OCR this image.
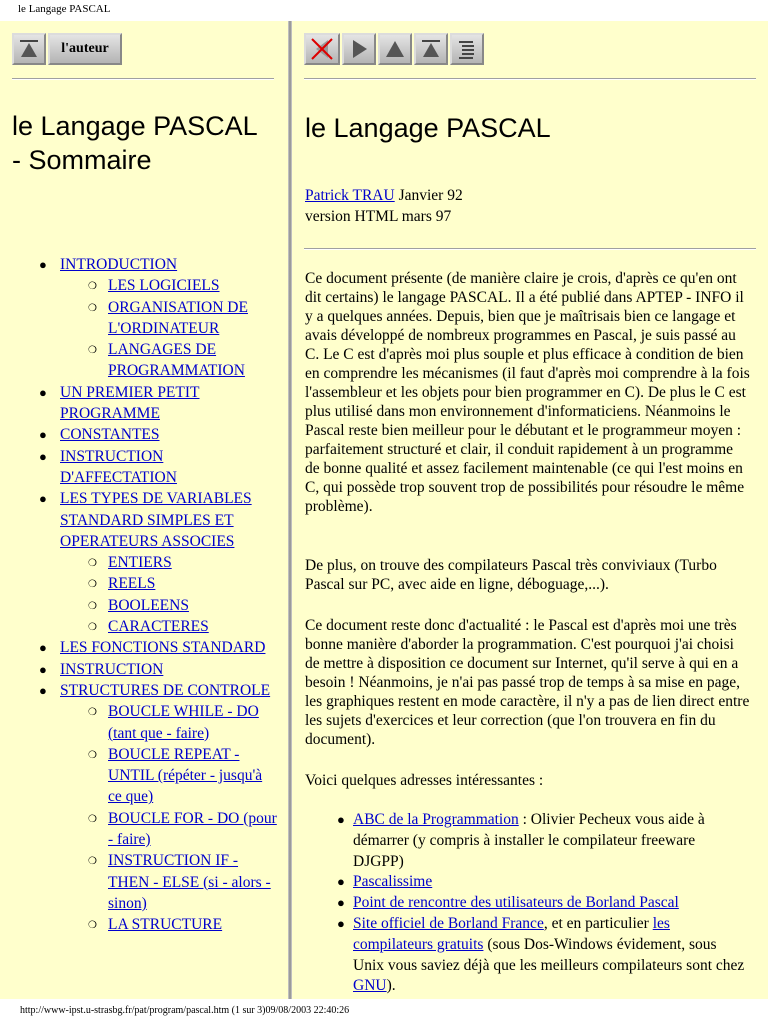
le Langage PASCAL
l'auteur
le Langage PASCAL - Sommaire
● INTRODUCTION
❍ LES LOGICIELS
❍ ORGANISATION DE L'ORDINATEUR
❍ LANGAGES DE PROGRAMMATION
● UN PREMIER PETIT PROGRAMME
● CONSTANTES
● INSTRUCTION D'AFFECTATION
● LES TYPES DE VARIABLES STANDARD SIMPLES ET OPERATEURS ASSOCIES
❍ ENTIERS
❍ REELS
❍ BOOLEENS
❍ CARACTERES
● LES FONCTIONS STANDARD
● INSTRUCTION
● STRUCTURES DE CONTROLE
❍ BOUCLE WHILE - DO (tant que - faire)
❍ BOUCLE REPEAT - UNTIL (répéter - jusqu'à ce que)
❍ BOUCLE FOR - DO (pour - faire)
❍ INSTRUCTION IF - THEN - ELSE (si - alors - sinon)
❍ LA STRUCTURE
le Langage PASCAL
Patrick TRAU Janvier 92
version HTML mars 97

Ce document présente (de manière claire je crois, d'après ce qu'en ont dit certains) le langage PASCAL. Il a été publié dans APTEP - INFO il y a quelques années. Depuis, bien que je maîtrisais bien ce langage et avais développé de nombreux programmes en Pascal, je suis passé au C. Le C est d'après moi plus souple et plus efficace à condition de bien en comprendre les mécanismes (il faut d'après moi comprendre à la fois l'assembleur et les objets pour bien programmer en C). De plus le C est plus utilisé dans mon environnement d'informaticiens. Néanmoins le Pascal reste bien meilleur pour le débutant et le programmeur moyen : parfaitement structuré et clair, il conduit rapidement à un programme de bonne qualité et assez facilement maintenable (ce qui l'est moins en C, qui possède trop souvent trop de possibilités pour résoudre le même problème).

De plus, on trouve des compilateurs Pascal très conviviaux (Turbo Pascal sur PC, avec aide en ligne, déboguage,...).

Ce document reste donc d'actualité : le Pascal est d'après moi une très bonne manière d'aborder la programmation. C'est pourquoi j'ai choisi de mettre à disposition ce document sur Internet, qu'il serve à qui en a besoin ! Néanmoins, je n'ai pas passé trop de temps à sa mise en page, les graphiques restent en mode caractère, il n'y a pas de lien direct entre les sujets d'exercices et leur correction (que l'on trouvera en fin du document).

Voici quelques adresses intéressantes :

● ABC de la Programmation : Olivier Pecheux vous aide à démarrer (y compris à installer le compilateur freeware DJGPP)
● Pascalissime
● Point de rencontre des utilisateurs de Borland Pascal
● Site officiel de Borland France, et en particulier les compilateurs gratuits (sous Dos-Windows évidement, sous Unix vous saviez déjà que les meilleurs compilateurs sont chez GNU).
http://www-ipst.u-strasbg.fr/pat/program/pascal.htm (1 sur 3)09/08/2003 22:40:26
